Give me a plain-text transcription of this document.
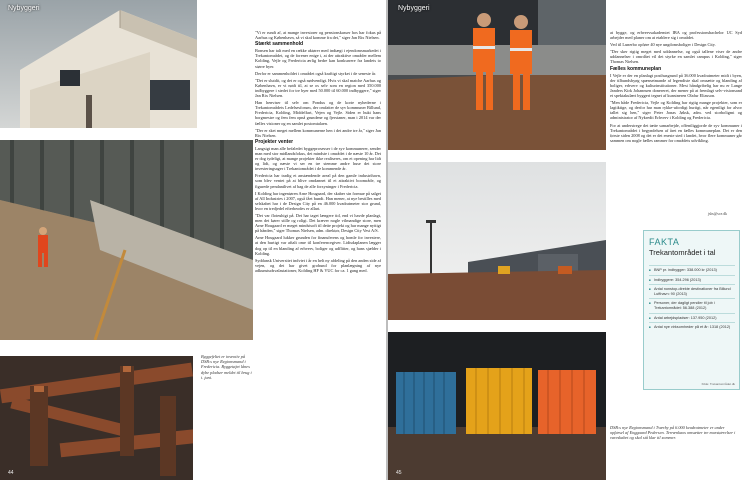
Nybyggeri
44
Byggefeltet er inventiv på DSB:s nye Regionsmand i Fredericia. Byggetøjet lånes dybe pladser meldet til brug i i. juni.

"Vi er rundt af, at mange investorer og pensionskasser hos har fokus på Aarhus og København, så vi skal komme fra det," siger Jan Rix Nielsen.

Stærkt sammenhold

Bonsen har talt med en række aktører med indtægt i ejendomsmarkedet i Trekantområdet, og de forener enige i, at der attraktive områder mellem Kolding, Vejle og Fredericia ærlig bedre kan konkurrere fra landets to større byer.

Derfor er sammenholdet i området også kraftigt styrket i de seneste år.

"Det er slutdit, og det er også nødvendigt. Hvis vi skal matche Aarhus og København, er vi nødt til, at se os selv som en region med 350.000 indbyggere i stedet for tre byer med 50.000 til 60.000 indbyggere," siger Jan Rix Nielsen.

Han henviser til selv om Pondus og de korte nyhederne i Trekantområdets Ledelsesforum, der omfatter de syv kommuner Billund, Fredericia, Kolding, Middelfart, Vejen og Vejle. Siden er hukt hans borgmestre og fem fem opnå grundene og fjerstaner, man i 2014 var der fælles visioner og en samlet postomtalaen.

"Der er sket meget mellem kommunerne hen i det andre tre år," siger Jan Rix Nielsen.

Projekter venter

Langsigt man alle befaledet byggeprosesser i de syv kommunerer, sender man med stor midlandsfokus, det mindste i området i de næste 10 år. Det er dog tydeligt, at mange projekter ikke realiseres, om et opening har lidt og lidt, og næste vi ser en tre stemme andre huse det store investeringsager i Trekantområdet i de kommende år.

Fredericia har tradig et anstændende areal på den gamle industrihavn, som blev ventet på at blive omdannet til et attraktivt boområde, og figurede pendantlivet af bag de alle forsyninger i Fredericia.

I Kolding har ingeniøren Arne Hougaard, der skaber sin formue på salget af All Industries i 2007, også fået bundt. Han mener, at nye bestilles med selskabet har i de Design City på en 46.000 kvadratmeter stor grund, hvor en tredjedel efterbeodes er allart.

"Det var floteuhigt på. Det har taget længere tid, end vi havde planlagt, men det kører stille og roligt. Det kræver nogle vilmandige store, men Arne Hougaard er meget mindstsoft til dette projekt og har mange nyttigt på hånden," siger Thomas Nielsen, adm. direktør, Design City Vest A/S.

Arne Hougaard lukker grunden for finansferens og homle for investere, at den hurtigt var aftalt ome til konferencegiver. Lidtsdaplanen lægger dog op til en blanding af erhverv, boliger og udflitter, og hans sjælder i Kolding.

Syddansk Universitet indviet i år en helt ny afdeling på den anden side af vejen, og det har givet grobund for planlægning af nye adkunstudsvalastationer, Kolding HF & VUC for ca. 1 gang med.

Nybyggeri
45

at bygge, og erhvervsakademiet IBA og professionsbachelor UC Syd arbejder med planer om at etablere sig i området.

Ved til Lunerbo opføre 40 nye ungdomsboliger i Design City.

"Der sker rigtig meget med uddannelse, og også tallene viser de andre uddannelser i omrdået vil det styrke en samlet campus i Kolding," siger Thomas Nielsen.

Fælles kommuneplan

I Vejle er der en planlagt posthusgrund på 36.000 kvadratmeter midt i byen, der tilbundsbyøg spænsetmande af legendiste skal omsætte og blanding af boliger, erhverv og kulturinstitutioner. Mest håndgribelig har nu er Lange Janders Kirk Johannsen donereret, der mener på at fremlagt selv-visionsand et spektakulært byggeri tegnet af kunstneren Olafur Eliasson.

"Men både Fredericia, Vejle og Kolding har rigtig mange projekter, som er lagtiktige, og derfor har man rykke-ufordigt hurtigt, når egentligt for alvor tallet sig hen," siger Peter Jonas Jøksk, adm. ved storboligmi og administrator af Nykredit Erhverv i Kolding og Fredericia.

For at understrege det tætte samarbejde, offentliggjorde de syv kommuner i Trekantområdet i begyndelsen af året en fælles kommuneplan. Det er den første siden 2008 og det er det eneste sted i landet, hvor flere kommuner går sammen om nogle fælles rammer for områdets udvikling.

jsbs@sce.dk
DSB:s nye Regionsmand i Tværby på 6.000 kvadratmeter er under opførsel af Enggaard Pedersen. Terrænkaos omsætter tre murstørrelser i vareskabet og skal stå klar til sommer.
FAKTA
Trekantområdet i tal
■ BNP pr. indbygger: 338.000 kr (2013)
■ Indbyggere: 354.296 (2013)
■ Antal nonstop-direkte destinationer fra Billund Lufthavn: 90 (2013)
■ Personer, der dagligt pendler til job i Trekantområdet: 56.388 (2012)
■ Antal arbejdspladser: 137.950 (2012)
■ Antal nye virksomheder på et år: 1318 (2012)
Kilde: Trekantområdet.dk
